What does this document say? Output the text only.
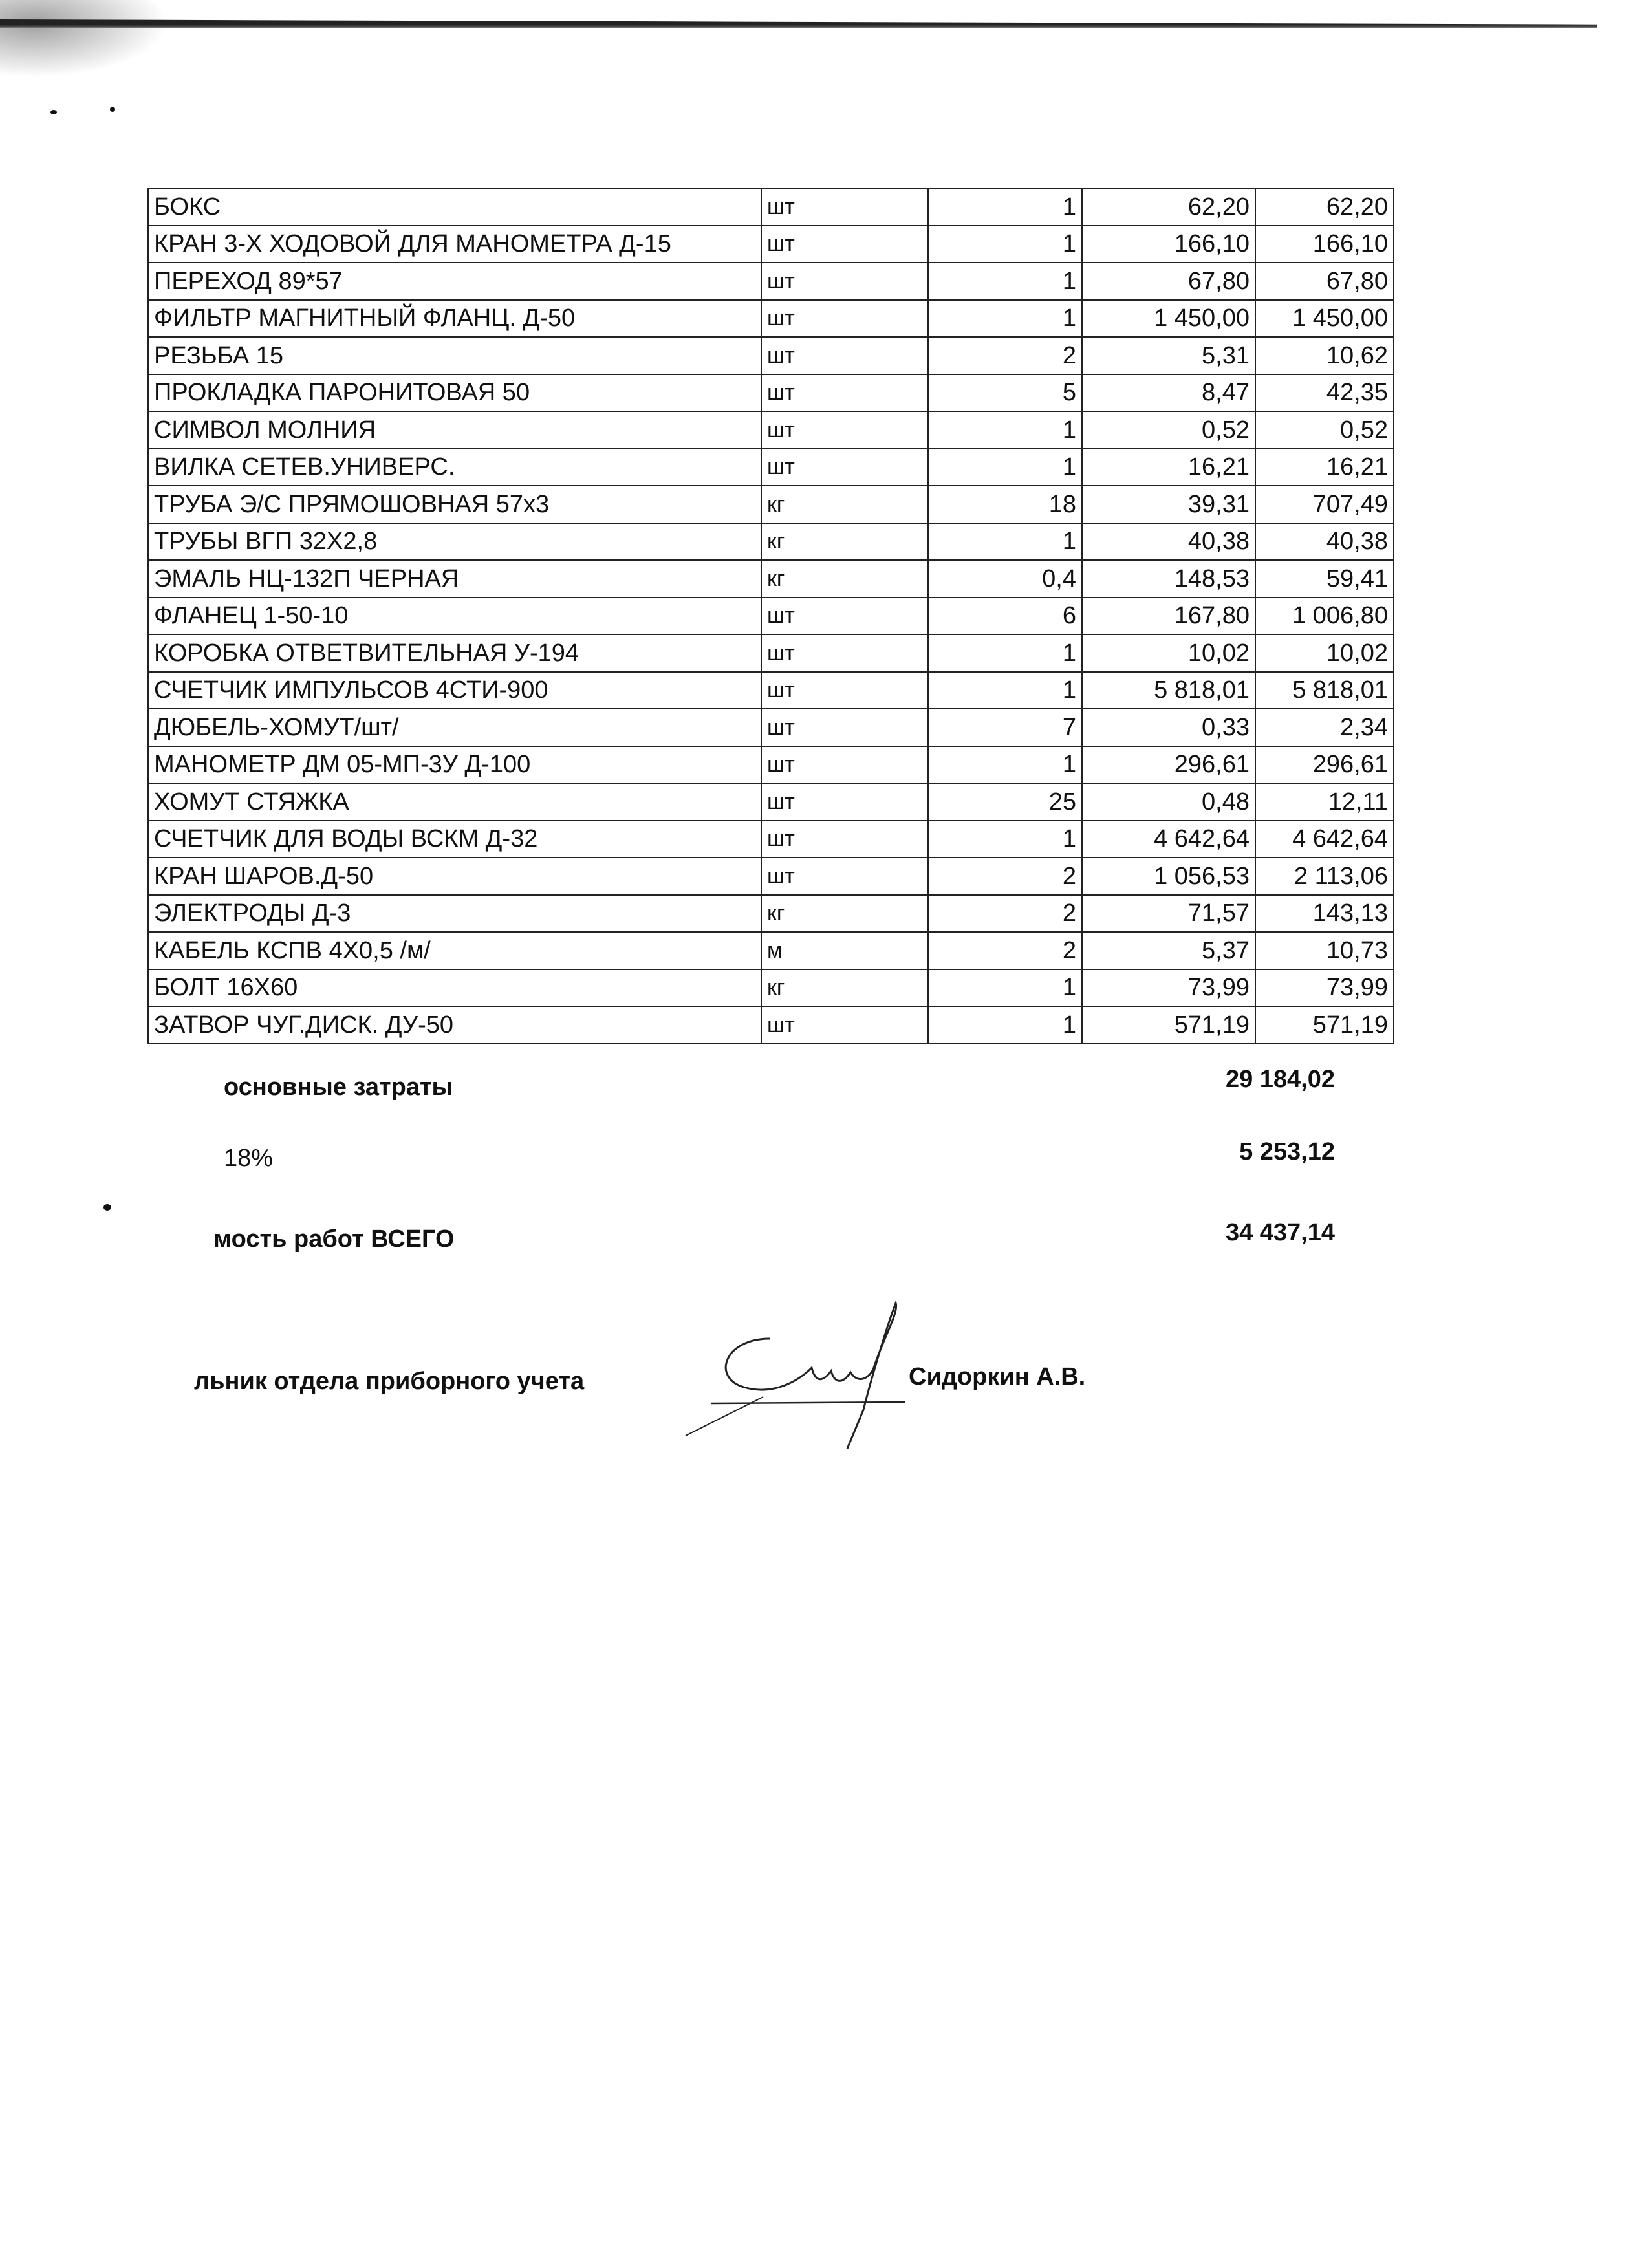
БОКС	шт	1	62,20	62,20
КРАН 3-Х ХОДОВОЙ ДЛЯ МАНОМЕТРА Д-15	шт	1	166,10	166,10
ПЕРЕХОД 89*57	шт	1	67,80	67,80
ФИЛЬТР МАГНИТНЫЙ ФЛАНЦ. Д-50	шт	1	1 450,00	1 450,00
РЕЗЬБА 15	шт	2	5,31	10,62
ПРОКЛАДКА ПАРОНИТОВАЯ 50	шт	5	8,47	42,35
СИМВОЛ МОЛНИЯ	шт	1	0,52	0,52
ВИЛКА СЕТЕВ.УНИВЕРС.	шт	1	16,21	16,21
ТРУБА Э/С ПРЯМОШОВНАЯ 57х3	кг	18	39,31	707,49
ТРУБЫ ВГП 32Х2,8	кг	1	40,38	40,38
ЭМАЛЬ НЦ-132П ЧЕРНАЯ	кг	0,4	148,53	59,41
ФЛАНЕЦ 1-50-10	шт	6	167,80	1 006,80
КОРОБКА ОТВЕТВИТЕЛЬНАЯ У-194	шт	1	10,02	10,02
СЧЕТЧИК ИМПУЛЬСОВ 4СТИ-900	шт	1	5 818,01	5 818,01
ДЮБЕЛЬ-ХОМУТ/шт/	шт	7	0,33	2,34
МАНОМЕТР ДМ 05-МП-3У Д-100	шт	1	296,61	296,61
ХОМУТ СТЯЖКА	шт	25	0,48	12,11
СЧЕТЧИК ДЛЯ ВОДЫ ВСКМ Д-32	шт	1	4 642,64	4 642,64
КРАН ШАРОВ.Д-50	шт	2	1 056,53	2 113,06
ЭЛЕКТРОДЫ Д-3	кг	2	71,57	143,13
КАБЕЛЬ КСПВ 4Х0,5 /м/	м	2	5,37	10,73
БОЛТ 16Х60	кг	1	73,99	73,99
ЗАТВОР ЧУГ.ДИСК. ДУ-50	шт	1	571,19	571,19
основные затраты	29 184,02
18%	5 253,12
мость работ ВСЕГО	34 437,14
льник отдела приборного учета	Сидоркин А.В.
